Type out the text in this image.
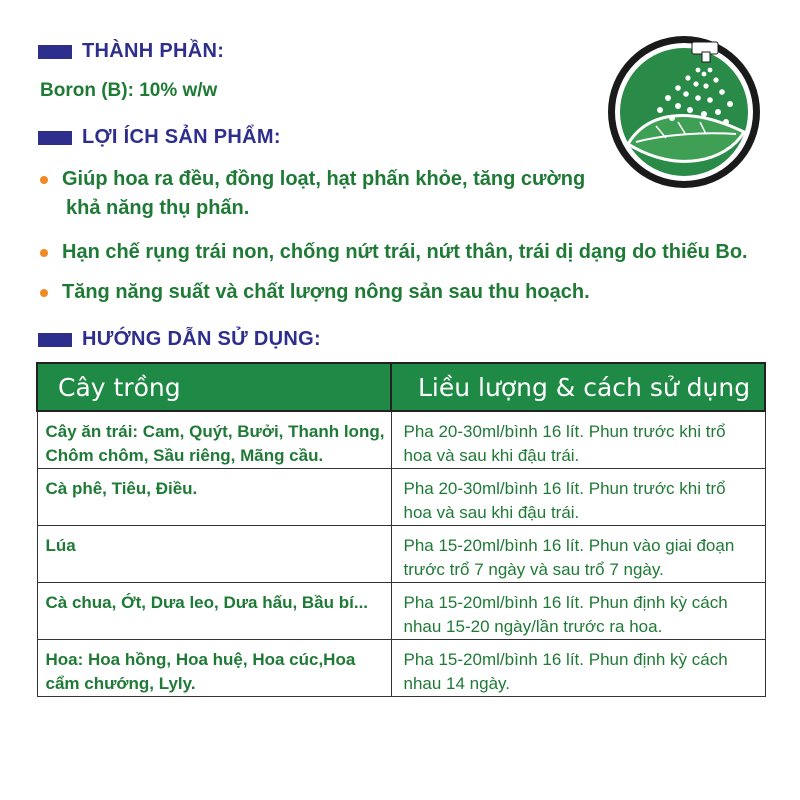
THÀNH PHẦN:
Boron (B): 10% w/w
LỢI ÍCH SẢN PHẨM:
Giúp hoa ra đều, đồng loạt, hạt phấn khỏe, tăng cường
khả năng thụ phấn.
Hạn chế rụng trái non, chống nứt trái, nứt thân, trái dị dạng do thiếu Bo.
Tăng năng suất và chất lượng nông sản sau thu hoạch.
HƯỚNG DẪN SỬ DỤNG:
Cây trồng	Liều lượng & cách sử dụng
Cây ăn trái: Cam, Quýt, Bưởi, Thanh long, Chôm chôm, Sầu riêng, Mãng cầu.	Pha 20-30ml/bình 16 lít. Phun trước khi trổ hoa và sau khi đậu trái.
Cà phê, Tiêu, Điều.	Pha 20-30ml/bình 16 lít. Phun trước khi trổ hoa và sau khi đậu trái.
Lúa	Pha 15-20ml/bình 16 lít. Phun vào giai đoạn trước trổ 7 ngày và sau trổ 7 ngày.
Cà chua, Ớt, Dưa leo, Dưa hấu, Bầu bí...	Pha 15-20ml/bình 16 lít. Phun định kỳ cách nhau 15-20 ngày/lần trước ra hoa.
Hoa: Hoa hồng, Hoa huệ, Hoa cúc,Hoa cẩm chướng, Lyly.	Pha 15-20ml/bình 16 lít. Phun định kỳ cách nhau 14 ngày.
